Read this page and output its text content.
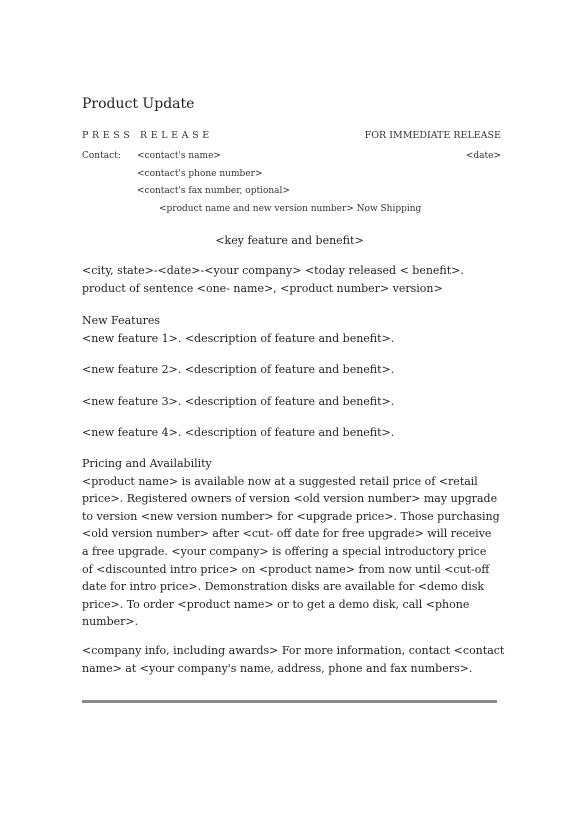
Product Update
PRESS RELEASE	FOR IMMEDIATE RELEASE
Contact: <contact's name>	<date>
<contact's phone number>
<contact's fax number, optional>
<product name and new version number> Now Shipping
<key feature and benefit>
<city, state>-<date>-<your company> <today released < benefit>.
product of sentence <one- name>, <product number> version>
New Features
<new feature 1>. <description of feature and benefit>.
<new feature 2>. <description of feature and benefit>.
<new feature 3>. <description of feature and benefit>.
<new feature 4>. <description of feature and benefit>.
Pricing and Availability
<product name> is available now at a suggested retail price of <retail
price>. Registered owners of version <old version number> may upgrade
to version <new version number> for <upgrade price>. Those purchasing
<old version number> after <cut- off date for free upgrade> will receive
a free upgrade. <your company> is offering a special introductory price
of <discounted intro price> on <product name> from now until <cut-off
date for intro price>. Demonstration disks are available for <demo disk
price>. To order <product name> or to get a demo disk, call <phone
number>.
<company info, including awards> For more information, contact <contact
name> at <your company's name, address, phone and fax numbers>.
